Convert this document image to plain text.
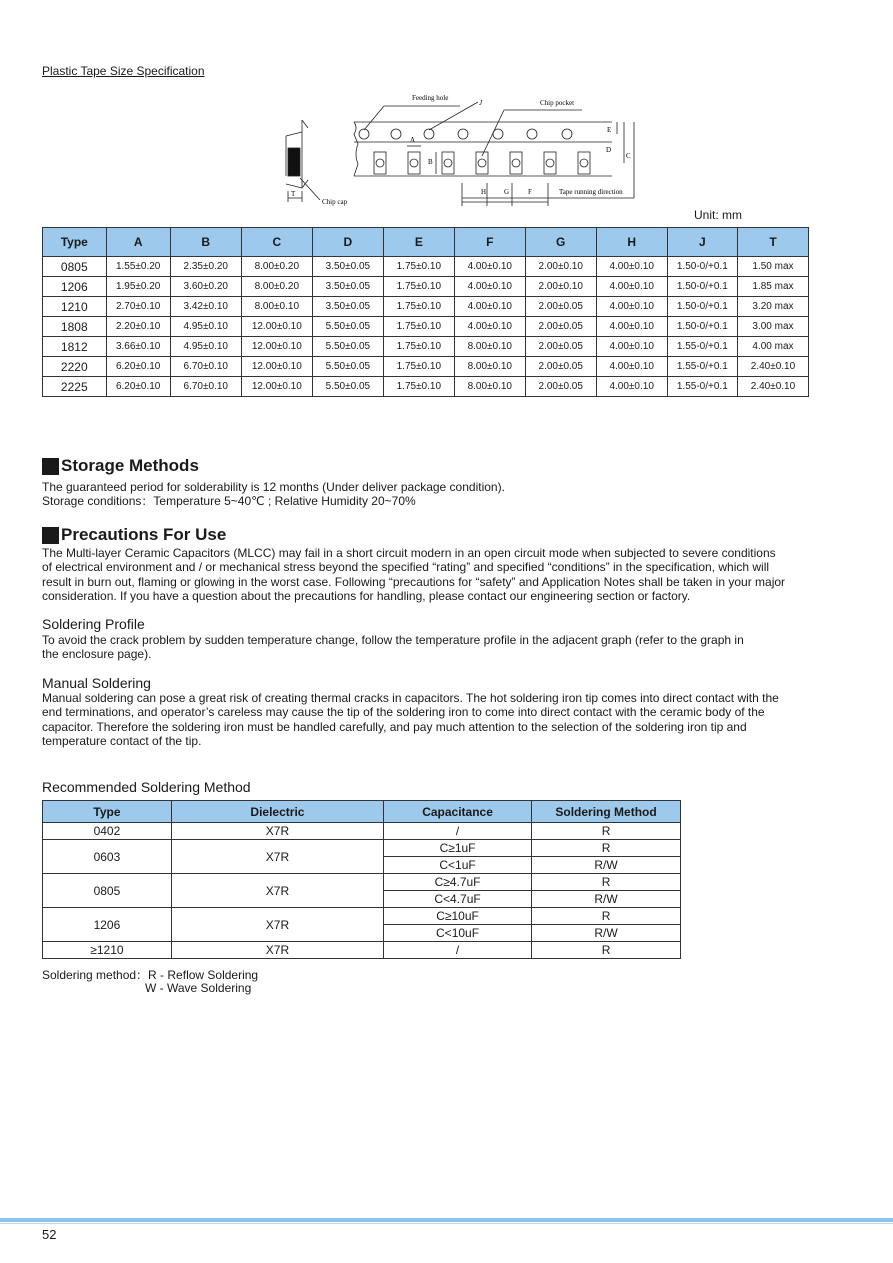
Plastic Tape Size Specification
T
Chip cap
Feeding hole
J	Chip pocket
A
B
E
D
C
H	G	F	Tape running direction
Unit: mm
Type	A	B	C	D	E	F	G	H	J	T
0805	1.55±0.20	2.35±0.20	8.00±0.20	3.50±0.05	1.75±0.10	4.00±0.10	2.00±0.10	4.00±0.10	1.50-0/+0.1	1.50 max
1206	1.95±0.20	3.60±0.20	8.00±0.20	3.50±0.05	1.75±0.10	4.00±0.10	2.00±0.10	4.00±0.10	1.50-0/+0.1	1.85 max
1210	2.70±0.10	3.42±0.10	8.00±0.10	3.50±0.05	1.75±0.10	4.00±0.10	2.00±0.05	4.00±0.10	1.50-0/+0.1	3.20 max
1808	2.20±0.10	4.95±0.10	12.00±0.10	5.50±0.05	1.75±0.10	4.00±0.10	2.00±0.05	4.00±0.10	1.50-0/+0.1	3.00 max
1812	3.66±0.10	4.95±0.10	12.00±0.10	5.50±0.05	1.75±0.10	8.00±0.10	2.00±0.05	4.00±0.10	1.55-0/+0.1	4.00 max
2220	6.20±0.10	6.70±0.10	12.00±0.10	5.50±0.05	1.75±0.10	8.00±0.10	2.00±0.05	4.00±0.10	1.55-0/+0.1	2.40±0.10
2225	6.20±0.10	6.70±0.10	12.00±0.10	5.50±0.05	1.75±0.10	8.00±0.10	2.00±0.05	4.00±0.10	1.55-0/+0.1	2.40±0.10
Storage Methods
The guaranteed period for solderability is 12 months (Under deliver package condition).
Storage conditions：Temperature 5~40℃ ; Relative Humidity 20~70%
Precautions For Use
The Multi-layer Ceramic Capacitors (MLCC) may fail in a short circuit modern in an open circuit mode when subjected to severe conditions of electrical environment and / or mechanical stress beyond the specified “rating” and specified “conditions” in the specification, which will result in burn out, flaming or glowing in the worst case. Following “precautions for “safety” and Application Notes shall be taken in your major consideration. If you have a question about the precautions for handling, please contact our engineering section or factory.
Soldering Profile
To avoid the crack problem by sudden temperature change, follow the temperature profile in the adjacent graph (refer to the graph in the enclosure page).
Manual Soldering
Manual soldering can pose a great risk of creating thermal cracks in capacitors. The hot soldering iron tip comes into direct contact with the end terminations, and operator’s careless may cause the tip of the soldering iron to come into direct contact with the ceramic body of the capacitor. Therefore the soldering iron must be handled carefully, and pay much attention to the selection of the soldering iron tip and temperature contact of the tip.
Recommended Soldering Method
Type	Dielectric	Capacitance	Soldering Method
0402	X7R	/	R
0603	X7R	C≥1uF	R
		C<1uF	R/W
0805	X7R	C≥4.7uF	R
		C<4.7uF	R/W
1206	X7R	C≥10uF	R
		C<10uF	R/W
≥1210	X7R	/	R
Soldering method：R - Reflow Soldering
W - Wave Soldering
52
